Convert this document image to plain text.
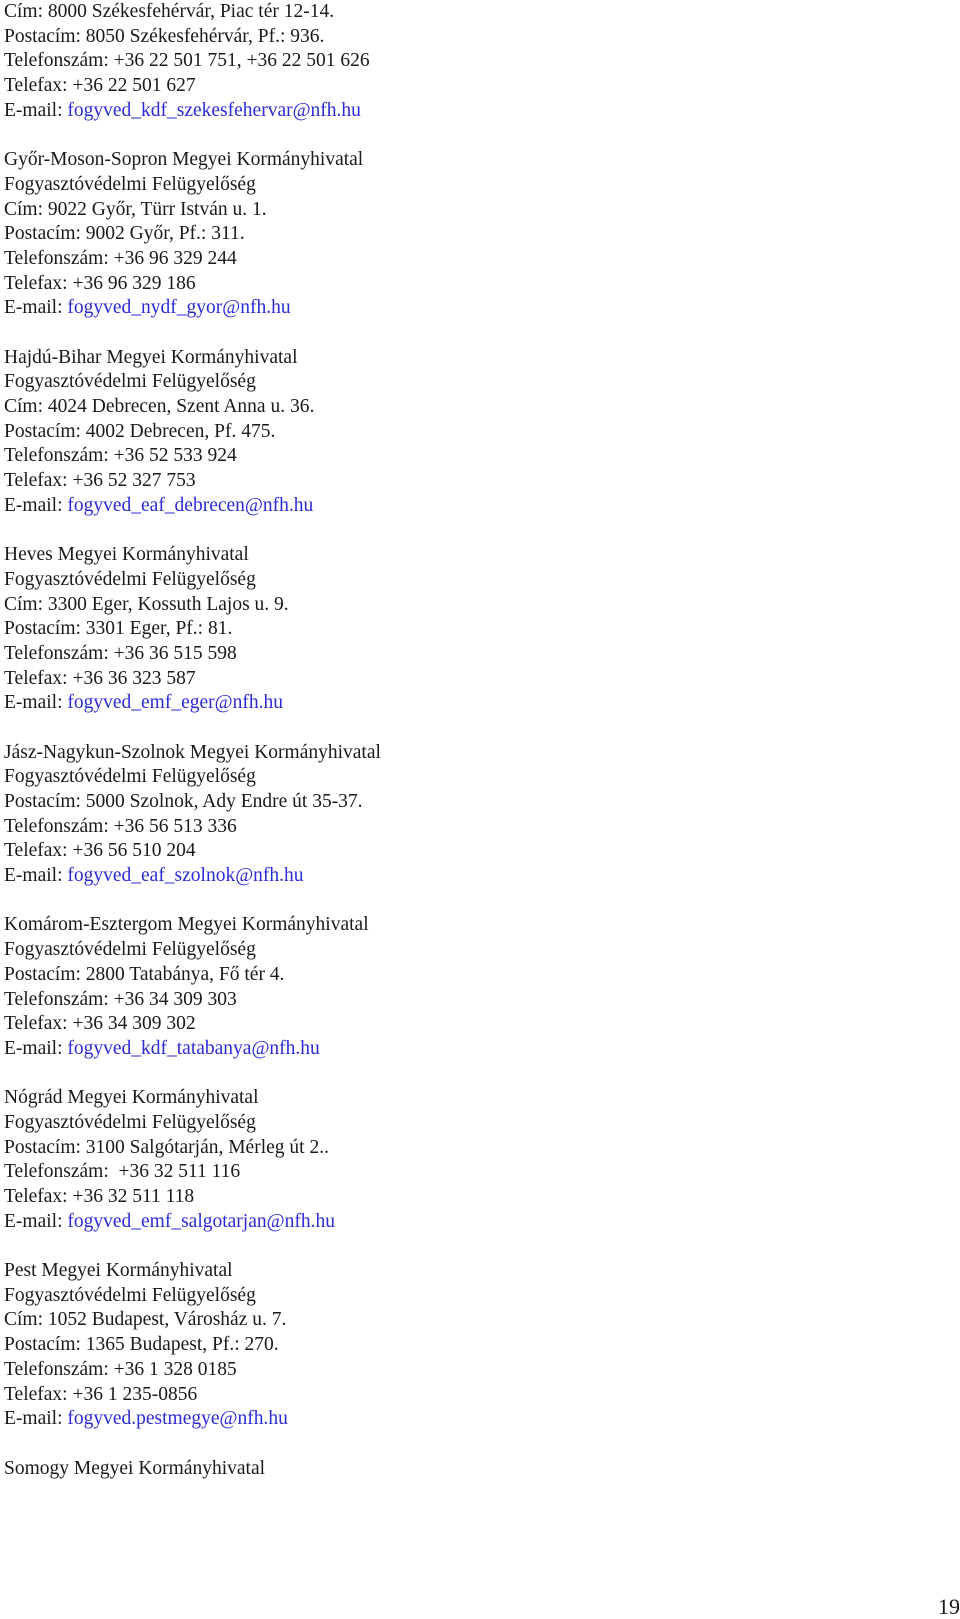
Cím: 8000 Székesfehérvár, Piac tér 12-14.
Postacím: 8050 Székesfehérvár, Pf.: 936.
Telefonszám: +36 22 501 751, +36 22 501 626
Telefax: +36 22 501 627
E-mail: fogyved_kdf_szekesfehervar@nfh.hu
Győr-Moson-Sopron Megyei Kormányhivatal
Fogyasztóvédelmi Felügyelőség
Cím: 9022 Győr, Türr István u. 1.
Postacím: 9002 Győr, Pf.: 311.
Telefonszám: +36 96 329 244
Telefax: +36 96 329 186
E-mail: fogyved_nydf_gyor@nfh.hu
Hajdú-Bihar Megyei Kormányhivatal
Fogyasztóvédelmi Felügyelőség
Cím: 4024 Debrecen, Szent Anna u. 36.
Postacím: 4002 Debrecen, Pf. 475.
Telefonszám: +36 52 533 924
Telefax: +36 52 327 753
E-mail: fogyved_eaf_debrecen@nfh.hu
Heves Megyei Kormányhivatal
Fogyasztóvédelmi Felügyelőség
Cím: 3300 Eger, Kossuth Lajos u. 9.
Postacím: 3301 Eger, Pf.: 81.
Telefonszám: +36 36 515 598
Telefax: +36 36 323 587
E-mail: fogyved_emf_eger@nfh.hu
Jász-Nagykun-Szolnok Megyei Kormányhivatal
Fogyasztóvédelmi Felügyelőség
Postacím: 5000 Szolnok, Ady Endre út 35-37.
Telefonszám: +36 56 513 336
Telefax: +36 56 510 204
E-mail: fogyved_eaf_szolnok@nfh.hu
Komárom-Esztergom Megyei Kormányhivatal
Fogyasztóvédelmi Felügyelőség
Postacím: 2800 Tatabánya, Fő tér 4.
Telefonszám: +36 34 309 303
Telefax: +36 34 309 302
E-mail: fogyved_kdf_tatabanya@nfh.hu
Nógrád Megyei Kormányhivatal
Fogyasztóvédelmi Felügyelőség
Postacím: 3100 Salgótarján, Mérleg út 2..
Telefonszám:  +36 32 511 116
Telefax: +36 32 511 118
E-mail: fogyved_emf_salgotarjan@nfh.hu
Pest Megyei Kormányhivatal
Fogyasztóvédelmi Felügyelőség
Cím: 1052 Budapest, Városház u. 7.
Postacím: 1365 Budapest, Pf.: 270.
Telefonszám: +36 1 328 0185
Telefax: +36 1 235-0856
E-mail: fogyved.pestmegye@nfh.hu
Somogy Megyei Kormányhivatal
19
